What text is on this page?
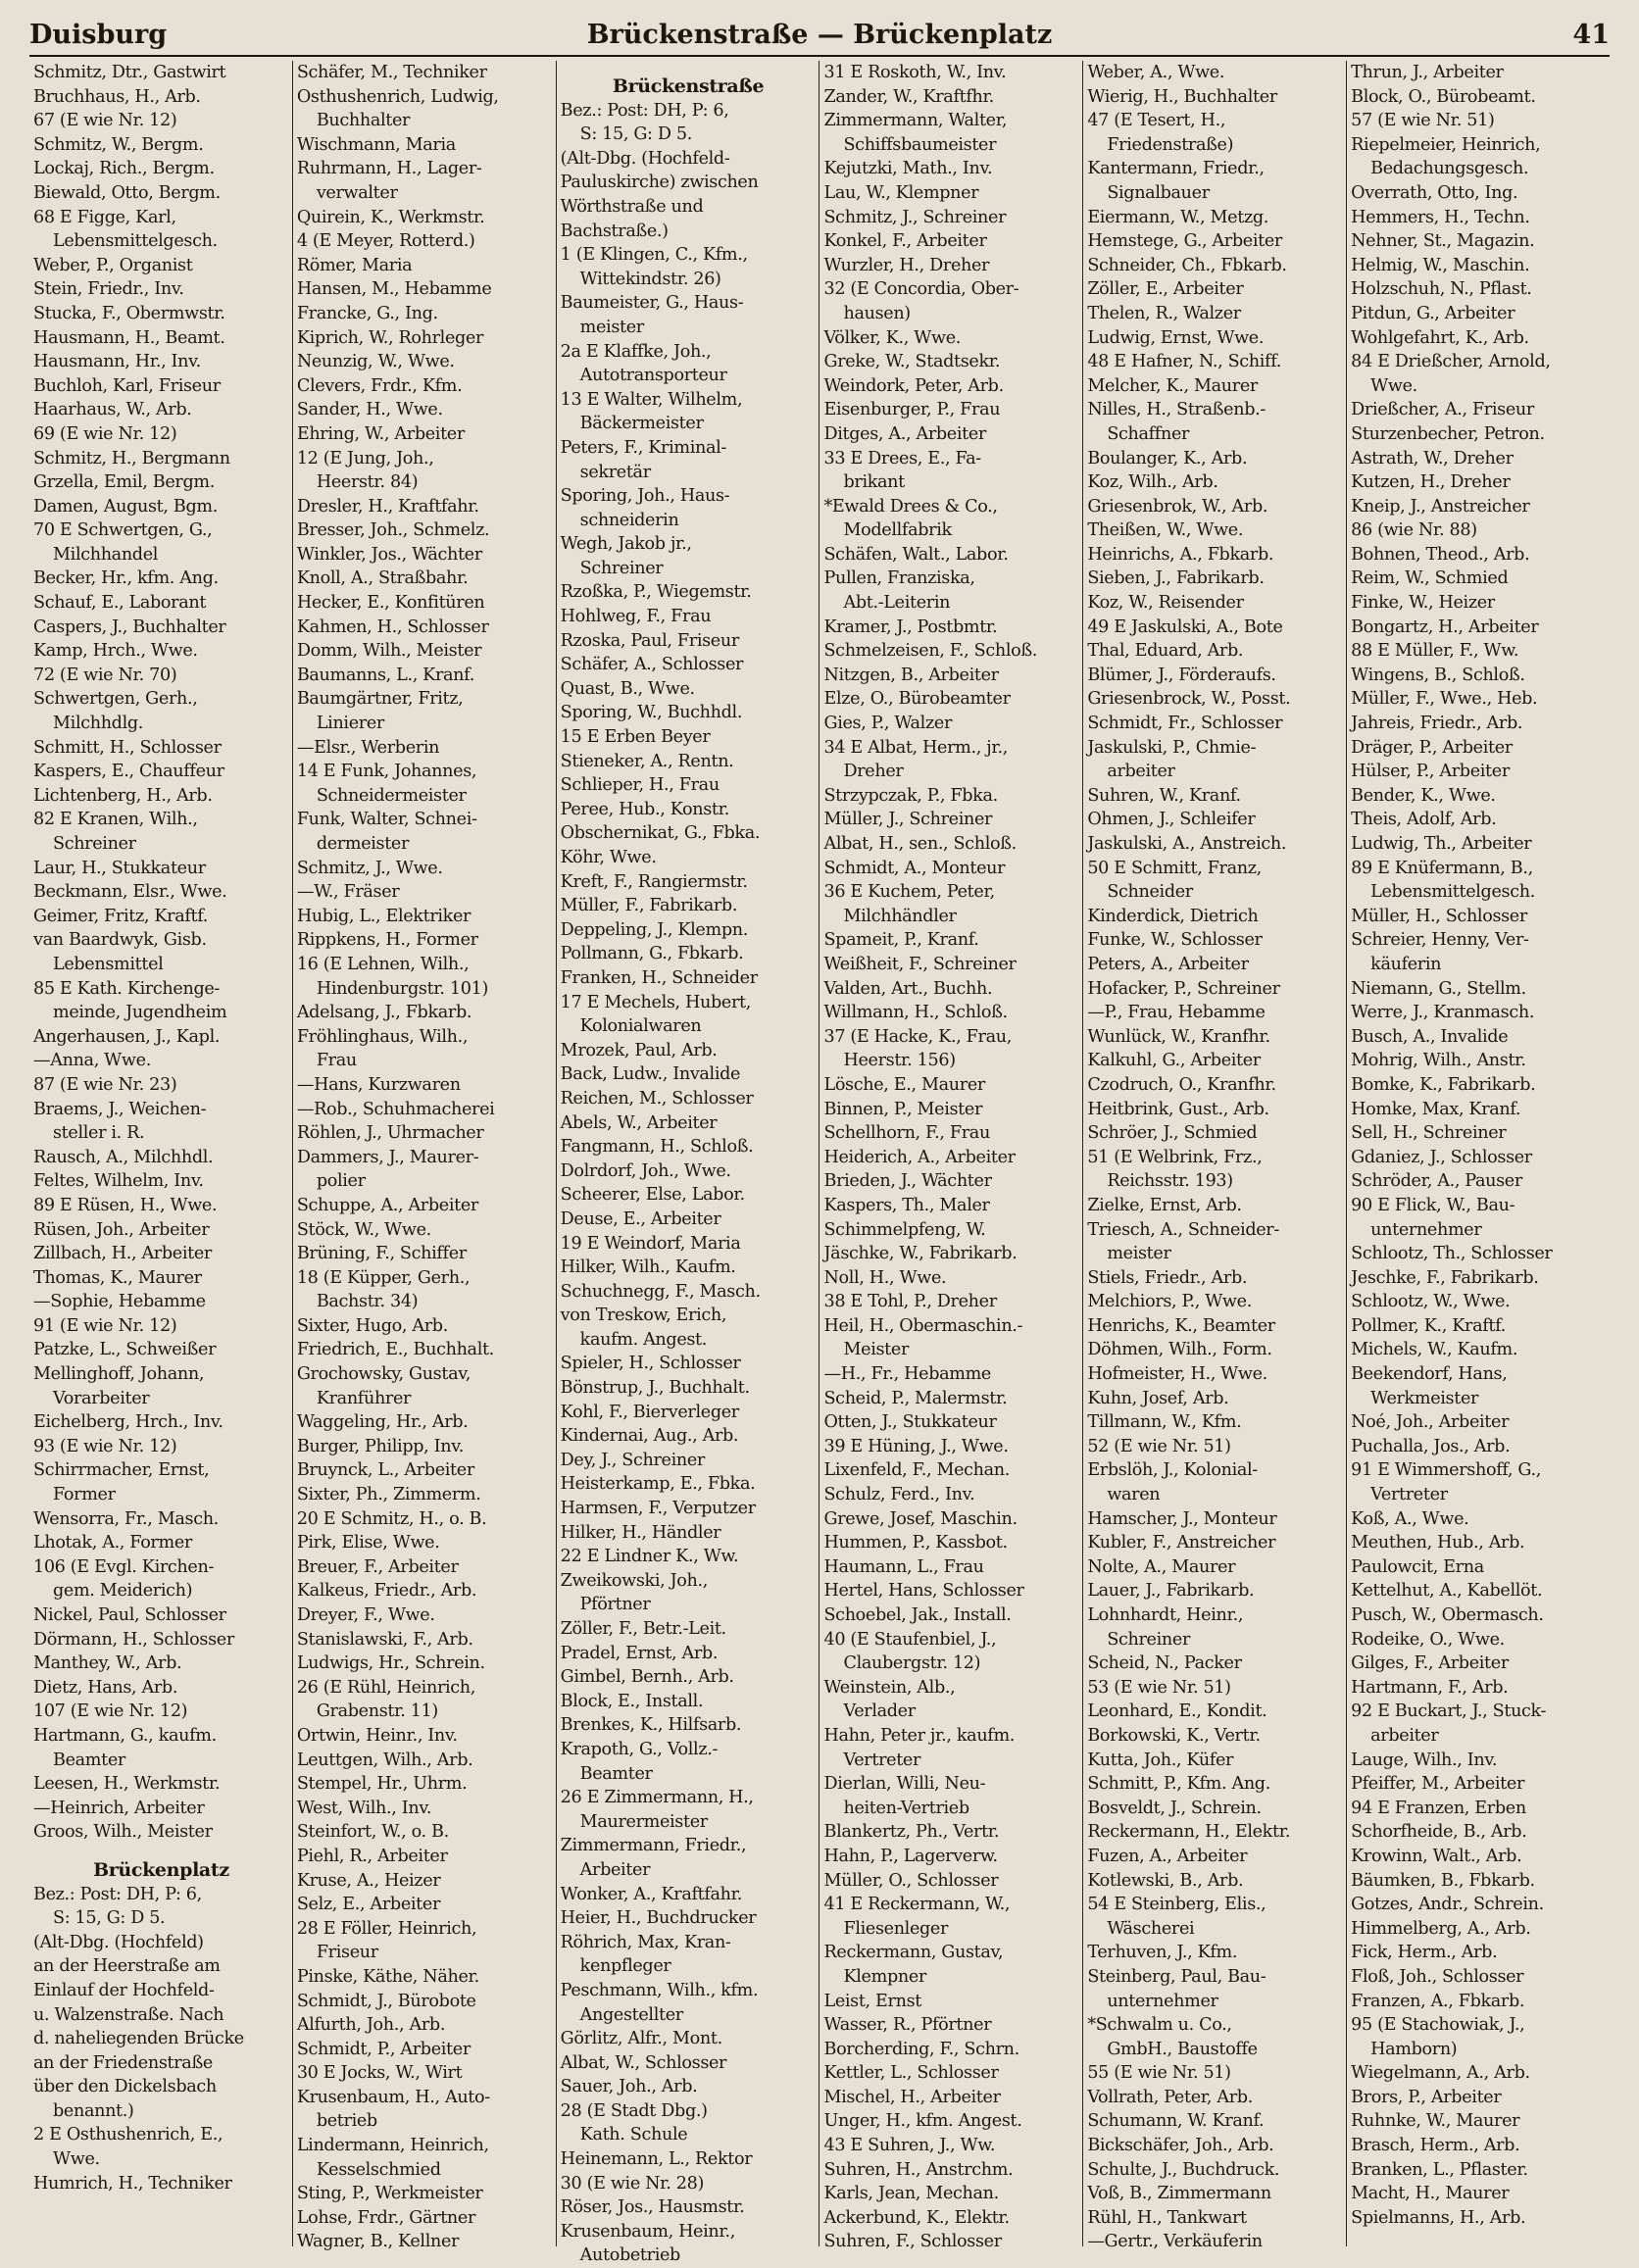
Duisburg	Brückenstraße — Brückenplatz	41
Schmitz, Dtr., Gastwirt
Bruchhaus, H., Arb.
67 (E wie Nr. 12)
Schmitz, W., Bergm.
Lockaj, Rich., Bergm.
Biewald, Otto, Bergm.
68 E Figge, Karl,
Lebensmittelgesch.
Weber, P., Organist
Stein, Friedr., Inv.
Stucka, F., Obermwstr.
Hausmann, H., Beamt.
Hausmann, Hr., Inv.
Buchloh, Karl, Friseur
Haarhaus, W., Arb.
69 (E wie Nr. 12)
Schmitz, H., Bergmann
Grzella, Emil, Bergm.
Damen, August, Bgm.
70 E Schwertgen, G.,
Milchhandel
Becker, Hr., kfm. Ang.
Schauf, E., Laborant
Caspers, J., Buchhalter
Kamp, Hrch., Wwe.
72 (E wie Nr. 70)
Schwertgen, Gerh.,
Milchhdlg.
Schmitt, H., Schlosser
Kaspers, E., Chauffeur
Lichtenberg, H., Arb.
82 E Kranen, Wilh.,
Schreiner
Laur, H., Stukkateur
Beckmann, Elsr., Wwe.
Geimer, Fritz, Kraftf.
van Baardwyk, Gisb.
Lebensmittel
85 E Kath. Kirchenge-
meinde, Jugendheim
Angerhausen, J., Kapl.
—Anna, Wwe.
87 (E wie Nr. 23)
Braems, J., Weichen-
steller i. R.
Rausch, A., Milchhdl.
Feltes, Wilhelm, Inv.
89 E Rüsen, H., Wwe.
Rüsen, Joh., Arbeiter
Zillbach, H., Arbeiter
Thomas, K., Maurer
—Sophie, Hebamme
91 (E wie Nr. 12)
Patzke, L., Schweißer
Mellinghoff, Johann,
Vorarbeiter
Eichelberg, Hrch., Inv.
93 (E wie Nr. 12)
Schirrmacher, Ernst,
Former
Wensorra, Fr., Masch.
Lhotak, A., Former
106 (E Evgl. Kirchen-
gem. Meiderich)
Nickel, Paul, Schlosser
Dörmann, H., Schlosser
Manthey, W., Arb.
Dietz, Hans, Arb.
107 (E wie Nr. 12)
Hartmann, G., kaufm.
Beamter
Leesen, H., Werkmstr.
—Heinrich, Arbeiter
Groos, Wilh., Meister
Brückenplatz
Bez.: Post: DH, P: 6,
S: 15, G: D 5.
(Alt-Dbg. (Hochfeld)
an der Heerstraße am
Einlauf der Hochfeld-
u. Walzenstraße. Nach
d. naheliegenden Brücke
an der Friedenstraße
über den Dickelsbach
benannt.)
2 E Osthushenrich, E.,
Wwe.
Humrich, H., Techniker
Schäfer, M., Techniker
Osthushenrich, Ludwig,
Buchhalter
Wischmann, Maria
Ruhrmann, H., Lager-
verwalter
Quirein, K., Werkmstr.
4 (E Meyer, Rotterd.)
Römer, Maria
Hansen, M., Hebamme
Francke, G., Ing.
Kiprich, W., Rohrleger
Neunzig, W., Wwe.
Clevers, Frdr., Kfm.
Sander, H., Wwe.
Ehring, W., Arbeiter
12 (E Jung, Joh.,
Heerstr. 84)
Dresler, H., Kraftfahr.
Bresser, Joh., Schmelz.
Winkler, Jos., Wächter
Knoll, A., Straßbahr.
Hecker, E., Konfitüren
Kahmen, H., Schlosser
Domm, Wilh., Meister
Baumanns, L., Kranf.
Baumgärtner, Fritz,
Linierer
—Elsr., Werberin
14 E Funk, Johannes,
Schneidermeister
Funk, Walter, Schnei-
dermeister
Schmitz, J., Wwe.
—W., Fräser
Hubig, L., Elektriker
Rippkens, H., Former
16 (E Lehnen, Wilh.,
Hindenburgstr. 101)
Adelsang, J., Fbkarb.
Fröhlinghaus, Wilh.,
Frau
—Hans, Kurzwaren
—Rob., Schuhmacherei
Röhlen, J., Uhrmacher
Dammers, J., Maurer-
polier
Schuppe, A., Arbeiter
Stöck, W., Wwe.
Brüning, F., Schiffer
18 (E Küpper, Gerh.,
Bachstr. 34)
Sixter, Hugo, Arb.
Friedrich, E., Buchhalt.
Grochowsky, Gustav,
Kranführer
Waggeling, Hr., Arb.
Burger, Philipp, Inv.
Bruynck, L., Arbeiter
Sixter, Ph., Zimmerm.
20 E Schmitz, H., o. B.
Pirk, Elise, Wwe.
Breuer, F., Arbeiter
Kalkeus, Friedr., Arb.
Dreyer, F., Wwe.
Stanislawski, F., Arb.
Ludwigs, Hr., Schrein.
26 (E Rühl, Heinrich,
Grabenstr. 11)
Ortwin, Heinr., Inv.
Leuttgen, Wilh., Arb.
Stempel, Hr., Uhrm.
West, Wilh., Inv.
Steinfort, W., o. B.
Piehl, R., Arbeiter
Kruse, A., Heizer
Selz, E., Arbeiter
28 E Föller, Heinrich,
Friseur
Pinske, Käthe, Näher.
Schmidt, J., Bürobote
Alfurth, Joh., Arb.
Schmidt, P., Arbeiter
30 E Jocks, W., Wirt
Krusenbaum, H., Auto-
betrieb
Lindermann, Heinrich,
Kesselschmied
Sting, P., Werkmeister
Lohse, Frdr., Gärtner
Wagner, B., Kellner
Brückenstraße
Bez.: Post: DH, P: 6,
S: 15, G: D 5.
(Alt-Dbg. (Hochfeld-
Pauluskirche) zwischen
Wörthstraße und
Bachstraße.)
1 (E Klingen, C., Kfm.,
Wittekindstr. 26)
Baumeister, G., Haus-
meister
2a E Klaffke, Joh.,
Autotransporteur
13 E Walter, Wilhelm,
Bäckermeister
Peters, F., Kriminal-
sekretär
Sporing, Joh., Haus-
schneiderin
Wegh, Jakob jr.,
Schreiner
Rzoßka, P., Wiegemstr.
Hohlweg, F., Frau
Rzoska, Paul, Friseur
Schäfer, A., Schlosser
Quast, B., Wwe.
Sporing, W., Buchhdl.
15 E Erben Beyer
Stieneker, A., Rentn.
Schlieper, H., Frau
Peree, Hub., Konstr.
Obschernikat, G., Fbka.
Köhr, Wwe.
Kreft, F., Rangiermstr.
Müller, F., Fabrikarb.
Deppeling, J., Klempn.
Pollmann, G., Fbkarb.
Franken, H., Schneider
17 E Mechels, Hubert,
Kolonialwaren
Mrozek, Paul, Arb.
Back, Ludw., Invalide
Reichen, M., Schlosser
Abels, W., Arbeiter
Fangmann, H., Schloß.
Dolrdorf, Joh., Wwe.
Scheerer, Else, Labor.
Deuse, E., Arbeiter
19 E Weindorf, Maria
Hilker, Wilh., Kaufm.
Schuchnegg, F., Masch.
von Treskow, Erich,
kaufm. Angest.
Spieler, H., Schlosser
Bönstrup, J., Buchhalt.
Kohl, F., Bierverleger
Kindernai, Aug., Arb.
Dey, J., Schreiner
Heisterkamp, E., Fbka.
Harmsen, F., Verputzer
Hilker, H., Händler
22 E Lindner K., Ww.
Zweikowski, Joh.,
Pförtner
Zöller, F., Betr.-Leit.
Pradel, Ernst, Arb.
Gimbel, Bernh., Arb.
Block, E., Install.
Brenkes, K., Hilfsarb.
Krapoth, G., Vollz.-
Beamter
26 E Zimmermann, H.,
Maurermeister
Zimmermann, Friedr.,
Arbeiter
Wonker, A., Kraftfahr.
Heier, H., Buchdrucker
Röhrich, Max, Kran-
kenpfleger
Peschmann, Wilh., kfm.
Angestellter
Görlitz, Alfr., Mont.
Albat, W., Schlosser
Sauer, Joh., Arb.
28 (E Stadt Dbg.)
Kath. Schule
Heinemann, L., Rektor
30 (E wie Nr. 28)
Röser, Jos., Hausmstr.
Krusenbaum, Heinr.,
Autobetrieb
31 E Roskoth, W., Inv.
Zander, W., Kraftfhr.
Zimmermann, Walter,
Schiffsbaumeister
Kejutzki, Math., Inv.
Lau, W., Klempner
Schmitz, J., Schreiner
Konkel, F., Arbeiter
Wurzler, H., Dreher
32 (E Concordia, Ober-
hausen)
Völker, K., Wwe.
Greke, W., Stadtsekr.
Weindork, Peter, Arb.
Eisenburger, P., Frau
Ditges, A., Arbeiter
33 E Drees, E., Fa-
brikant
*Ewald Drees & Co.,
Modellfabrik
Schäfen, Walt., Labor.
Pullen, Franziska,
Abt.-Leiterin
Kramer, J., Postbmtr.
Schmelzeisen, F., Schloß.
Nitzgen, B., Arbeiter
Elze, O., Bürobeamter
Gies, P., Walzer
34 E Albat, Herm., jr.,
Dreher
Strzypczak, P., Fbka.
Müller, J., Schreiner
Albat, H., sen., Schloß.
Schmidt, A., Monteur
36 E Kuchem, Peter,
Milchhändler
Spameit, P., Kranf.
Weißheit, F., Schreiner
Valden, Art., Buchh.
Willmann, H., Schloß.
37 (E Hacke, K., Frau,
Heerstr. 156)
Lösche, E., Maurer
Binnen, P., Meister
Schellhorn, F., Frau
Heiderich, A., Arbeiter
Brieden, J., Wächter
Kaspers, Th., Maler
Schimmelpfeng, W.
Jäschke, W., Fabrikarb.
Noll, H., Wwe.
38 E Tohl, P., Dreher
Heil, H., Obermaschin.-
Meister
—H., Fr., Hebamme
Scheid, P., Malermstr.
Otten, J., Stukkateur
39 E Hüning, J., Wwe.
Lixenfeld, F., Mechan.
Schulz, Ferd., Inv.
Grewe, Josef, Maschin.
Hummen, P., Kassbot.
Haumann, L., Frau
Hertel, Hans, Schlosser
Schoebel, Jak., Install.
40 (E Staufenbiel, J.,
Claubergstr. 12)
Weinstein, Alb.,
Verlader
Hahn, Peter jr., kaufm.
Vertreter
Dierlan, Willi, Neu-
heiten-Vertrieb
Blankertz, Ph., Vertr.
Hahn, P., Lagerverw.
Müller, O., Schlosser
41 E Reckermann, W.,
Fliesenleger
Reckermann, Gustav,
Klempner
Leist, Ernst
Wasser, R., Pförtner
Borcherding, F., Schrn.
Kettler, L., Schlosser
Mischel, H., Arbeiter
Unger, H., kfm. Angest.
43 E Suhren, J., Ww.
Suhren, H., Anstrchm.
Karls, Jean, Mechan.
Ackerbund, K., Elektr.
Suhren, F., Schlosser
Weber, A., Wwe.
Wierig, H., Buchhalter
47 (E Tesert, H.,
Friedenstraße)
Kantermann, Friedr.,
Signalbauer
Eiermann, W., Metzg.
Hemstege, G., Arbeiter
Schneider, Ch., Fbkarb.
Zöller, E., Arbeiter
Thelen, R., Walzer
Ludwig, Ernst, Wwe.
48 E Hafner, N., Schiff.
Melcher, K., Maurer
Nilles, H., Straßenb.-
Schaffner
Boulanger, K., Arb.
Koz, Wilh., Arb.
Griesenbrok, W., Arb.
Theißen, W., Wwe.
Heinrichs, A., Fbkarb.
Sieben, J., Fabrikarb.
Koz, W., Reisender
49 E Jaskulski, A., Bote
Thal, Eduard, Arb.
Blümer, J., Förderaufs.
Griesenbrock, W., Posst.
Schmidt, Fr., Schlosser
Jaskulski, P., Chmie-
arbeiter
Suhren, W., Kranf.
Ohmen, J., Schleifer
Jaskulski, A., Anstreich.
50 E Schmitt, Franz,
Schneider
Kinderdick, Dietrich
Funke, W., Schlosser
Peters, A., Arbeiter
Hofacker, P., Schreiner
—P., Frau, Hebamme
Wunlück, W., Kranfhr.
Kalkuhl, G., Arbeiter
Czodruch, O., Kranfhr.
Heitbrink, Gust., Arb.
Schröer, J., Schmied
51 (E Welbrink, Frz.,
Reichsstr. 193)
Zielke, Ernst, Arb.
Triesch, A., Schneider-
meister
Stiels, Friedr., Arb.
Melchiors, P., Wwe.
Henrichs, K., Beamter
Döhmen, Wilh., Form.
Hofmeister, H., Wwe.
Kuhn, Josef, Arb.
Tillmann, W., Kfm.
52 (E wie Nr. 51)
Erbslöh, J., Kolonial-
waren
Hamscher, J., Monteur
Kubler, F., Anstreicher
Nolte, A., Maurer
Lauer, J., Fabrikarb.
Lohnhardt, Heinr.,
Schreiner
Scheid, N., Packer
53 (E wie Nr. 51)
Leonhard, E., Kondit.
Borkowski, K., Vertr.
Kutta, Joh., Küfer
Schmitt, P., Kfm. Ang.
Bosveldt, J., Schrein.
Reckermann, H., Elektr.
Fuzen, A., Arbeiter
Kotlewski, B., Arb.
54 E Steinberg, Elis.,
Wäscherei
Terhuven, J., Kfm.
Steinberg, Paul, Bau-
unternehmer
*Schwalm u. Co.,
GmbH., Baustoffe
55 (E wie Nr. 51)
Vollrath, Peter, Arb.
Schumann, W. Kranf.
Bickschäfer, Joh., Arb.
Schulte, J., Buchdruck.
Voß, B., Zimmermann
Rühl, H., Tankwart
—Gertr., Verkäuferin
Thrun, J., Arbeiter
Block, O., Bürobeamt.
57 (E wie Nr. 51)
Riepelmeier, Heinrich,
Bedachungsgesch.
Overrath, Otto, Ing.
Hemmers, H., Techn.
Nehner, St., Magazin.
Helmig, W., Maschin.
Holzschuh, N., Pflast.
Pitdun, G., Arbeiter
Wohlgefahrt, K., Arb.
84 E Drießcher, Arnold,
Wwe.
Drießcher, A., Friseur
Sturzenbecher, Petron.
Astrath, W., Dreher
Kutzen, H., Dreher
Kneip, J., Anstreicher
86 (wie Nr. 88)
Bohnen, Theod., Arb.
Reim, W., Schmied
Finke, W., Heizer
Bongartz, H., Arbeiter
88 E Müller, F., Ww.
Wingens, B., Schloß.
Müller, F., Wwe., Heb.
Jahreis, Friedr., Arb.
Dräger, P., Arbeiter
Hülser, P., Arbeiter
Bender, K., Wwe.
Theis, Adolf, Arb.
Ludwig, Th., Arbeiter
89 E Knüfermann, B.,
Lebensmittelgesch.
Müller, H., Schlosser
Schreier, Henny, Ver-
käuferin
Niemann, G., Stellm.
Werre, J., Kranmasch.
Busch, A., Invalide
Mohrig, Wilh., Anstr.
Bomke, K., Fabrikarb.
Homke, Max, Kranf.
Sell, H., Schreiner
Gdaniez, J., Schlosser
Schröder, A., Pauser
90 E Flick, W., Bau-
unternehmer
Schlootz, Th., Schlosser
Jeschke, F., Fabrikarb.
Schlootz, W., Wwe.
Pollmer, K., Kraftf.
Michels, W., Kaufm.
Beekendorf, Hans,
Werkmeister
Noé, Joh., Arbeiter
Puchalla, Jos., Arb.
91 E Wimmershoff, G.,
Vertreter
Koß, A., Wwe.
Meuthen, Hub., Arb.
Paulowcit, Erna
Kettelhut, A., Kabellöt.
Pusch, W., Obermasch.
Rodeike, O., Wwe.
Gilges, F., Arbeiter
Hartmann, F., Arb.
92 E Buckart, J., Stuck-
arbeiter
Lauge, Wilh., Inv.
Pfeiffer, M., Arbeiter
94 E Franzen, Erben
Schorfheide, B., Arb.
Krowinn, Walt., Arb.
Bäumken, B., Fbkarb.
Gotzes, Andr., Schrein.
Himmelberg, A., Arb.
Fick, Herm., Arb.
Floß, Joh., Schlosser
Franzen, A., Fbkarb.
95 (E Stachowiak, J.,
Hamborn)
Wiegelmann, A., Arb.
Brors, P., Arbeiter
Ruhnke, W., Maurer
Brasch, Herm., Arb.
Branken, L., Pflaster.
Macht, H., Maurer
Spielmanns, H., Arb.
